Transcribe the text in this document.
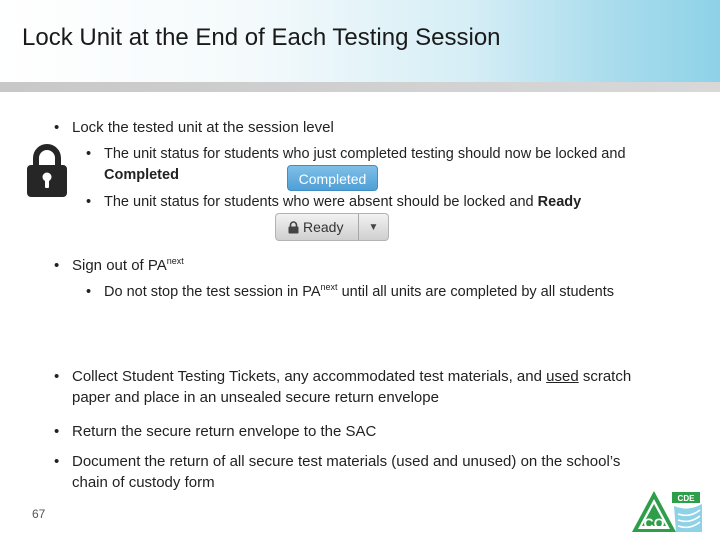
Lock Unit at the End of Each Testing Session
• Lock the tested unit at the session level
• The unit status for students who just completed testing should now be locked and Completed	Completed
• The unit status for students who were absent should be locked and Ready
Ready	▼
• Sign out of $PA^{next}$
• Do not stop the test session in $PA^{next}$ until all units are completed by all students
• Collect Student Testing Tickets, any accommodated test materials, and used scratch paper and place in an unsealed secure return envelope
• Return the secure return envelope to the SAC
• Document the return of all secure test materials (used and unused) on the school’s chain of custody form
67
CDE
CO
